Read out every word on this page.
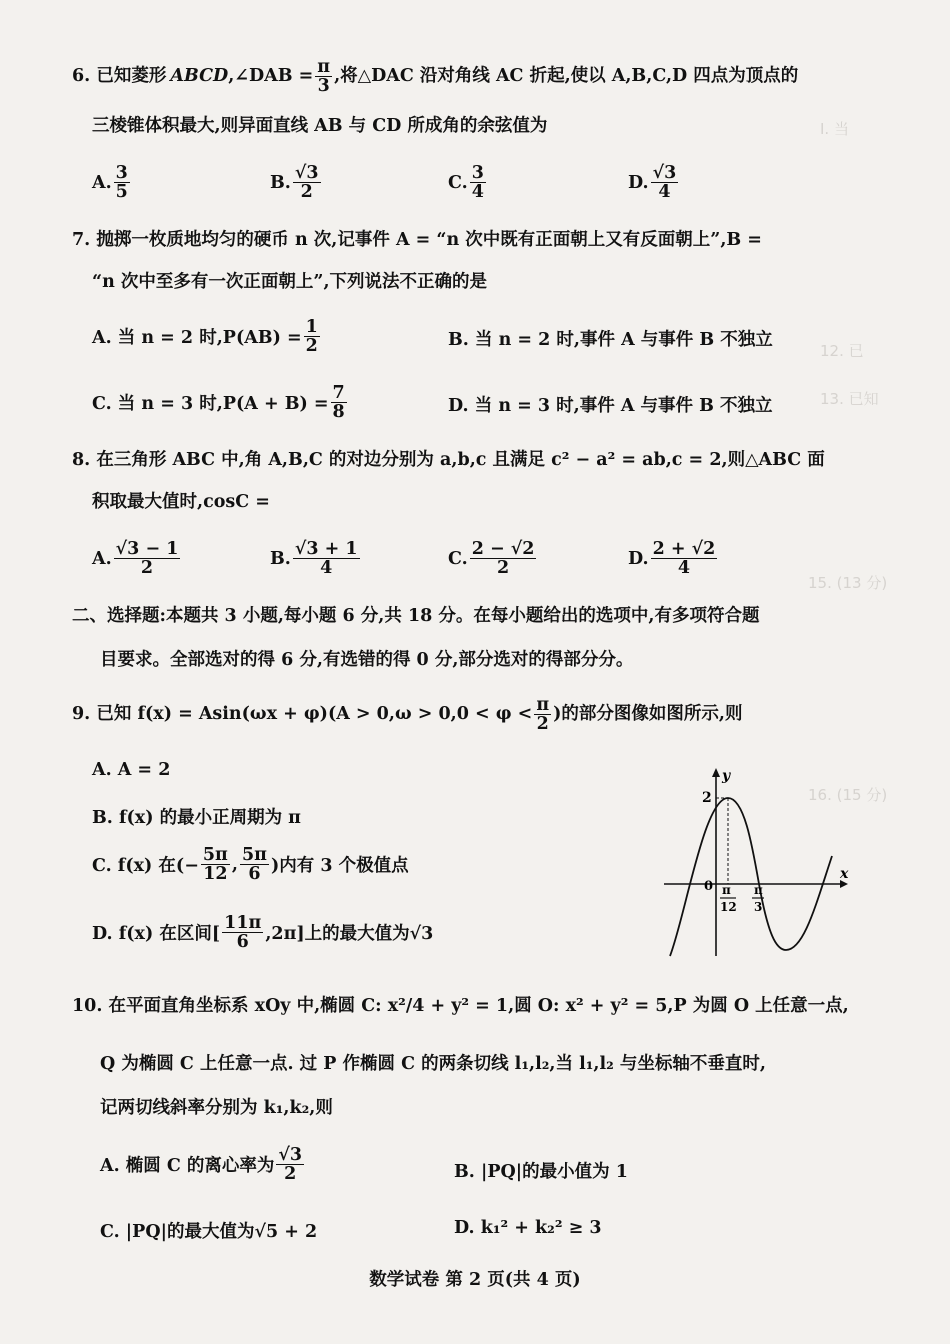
I. 当
12. 已
13. 已知
15. (13 分)
16. (15 分)
6. 已知菱形 ABCD ,∠DAB = $\frac{\pi}{3}$ ,将△DAC 沿对角线 AC 折起,使以 A,B,C,D 四点为顶点的
三棱锥体积最大,则异面直线 AB 与 CD 所成角的余弦值为
A. $\frac{3}{5}$	B. $\frac{√3}{2}$	C. $\frac{3}{4}$	D. $\frac{√3}{4}$
7. 抛掷一枚质地均匀的硬币 n 次,记事件 A = “n 次中既有正面朝上又有反面朝上”,B =
“n 次中至多有一次正面朝上”,下列说法不正确的是
A. 当 n = 2 时$,P(AB) = \frac{1}{2}$	B. 当 n = 2 时,事件 A 与事件 B 不独立
C. 当 n = 3 时$,P(A + B) = \frac{7}{8}$	D. 当 n = 3 时,事件 A 与事件 B 不独立
8. 在三角形 ABC 中,角 A,B,C 的对边分别为 a,b,c 且满足 c² − a² = ab,c = 2,则△ABC 面
积取最大值时,cosC =
A. $\frac{√3 - 1}{2}$	B. $\frac{√3 + 1}{4}$	C. $\frac{2 - √2}{2}$	D. $\frac{2 + √2}{4}$
二、选择题:本题共 3 小题,每小题 6 分,共 18 分。在每小题给出的选项中,有多项符合题
目要求。全部选对的得 6 分,有选错的得 0 分,部分选对的得部分分。
9. 已知 $f(x) = Asin(\omega x + \varphi)(A > 0,\omega > 0,0 < \varphi < \frac{\pi}{2}$ )的部分图像如图所示,则
A. A = 2
B. f(x) 的最小正周期为 π
C. f(x) 在(− $\frac{5\pi}{12}$ , $\frac{5\pi}{6}$ )内有 3 个极值点
D. f(x) 在区间[ $\frac{11\pi}{6} ,2\pi$]上的最大值为√3
y
x
2
0 π
12
π
3
10. 在平面直角坐标系 xOy 中,椭圆 C: x²/4 + y² = 1,圆 O: x² + y² = 5,P 为圆 O 上任意一点,
Q 为椭圆 C 上任意一点. 过 P 作椭圆 C 的两条切线 l₁,l₂,当 l₁,l₂ 与坐标轴不垂直时,
记两切线斜率分别为 k₁,k₂,则
A. 椭圆 C 的离心率为 $\frac{√3}{2}$	B. |PQ|的最小值为 1
C. |PQ|的最大值为√5 + 2	D. k₁² + k₂² ≥ 3
数学试卷 第 2 页(共 4 页)
